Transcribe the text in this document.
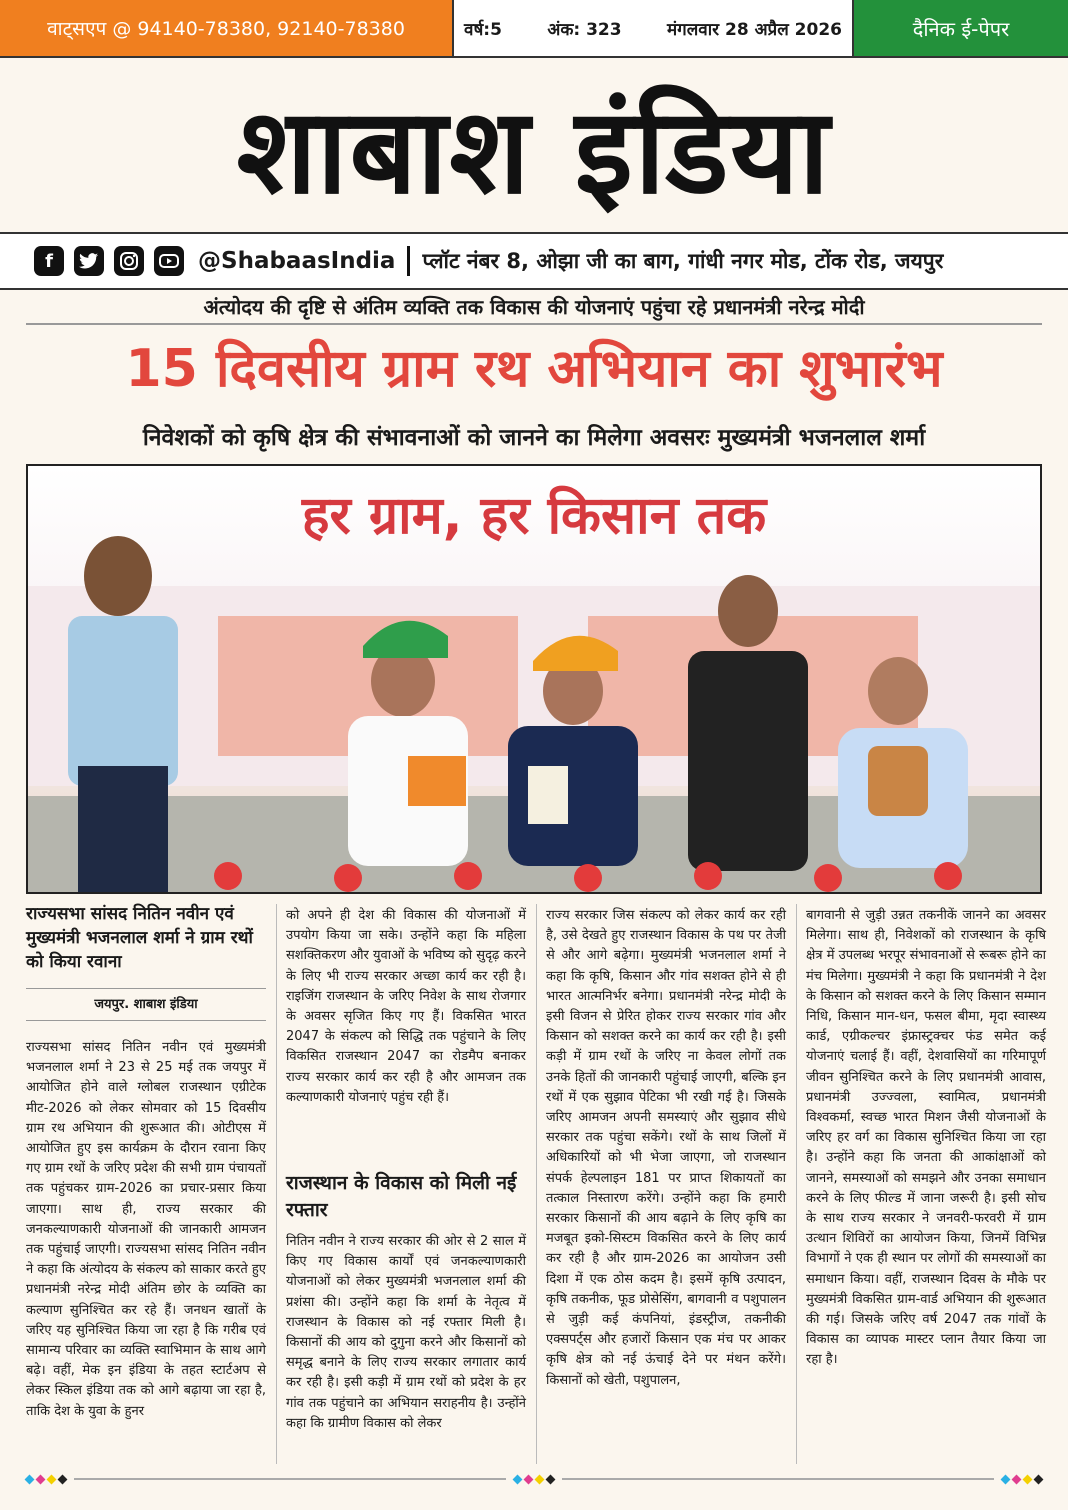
वाट्सएप @ 94140-78380, 92140-78380	वर्ष:5	अंक: 323	मंगलवार 28 अप्रैल 2026	दैनिक ई-पेपर
शाबाश इंडिया
f	@ShabaasIndia प्लॉट नंबर 8, ओझा जी का बाग, गांधी नगर मोड, टोंक रोड, जयपुर
अंत्योदय की दृष्टि से अंतिम व्यक्ति तक विकास की योजनाएं पहुंचा रहे प्रधानमंत्री नरेन्द्र मोदी
15 दिवसीय ग्राम रथ अभियान का शुभारंभ
निवेशकों को कृषि क्षेत्र की संभावनाओं को जानने का मिलेगा अवसरः मुख्यमंत्री भजनलाल शर्मा
हर ग्राम, हर किसान तक
राज्यसभा सांसद नितिन नवीन एवं मुख्यमंत्री भजनलाल शर्मा ने ग्राम रथों को किया रवाना
जयपुर. शाबाश इंडिया
राज्यसभा सांसद नितिन नवीन एवं मुख्यमंत्री भजनलाल शर्मा ने 23 से 25 मई तक जयपुर में आयोजित होने वाले ग्लोबल राजस्थान एग्रीटेक मीट-2026 को लेकर सोमवार को 15 दिवसीय ग्राम रथ अभियान की शुरूआत की। ओटीएस में आयोजित हुए इस कार्यक्रम के दौरान रवाना किए गए ग्राम रथों के जरिए प्रदेश की सभी ग्राम पंचायतों तक पहुंचकर ग्राम-2026 का प्रचार-प्रसार किया जाएगा। साथ ही, राज्य सरकार की जनकल्याणकारी योजनाओं की जानकारी आमजन तक पहुंचाई जाएगी। राज्यसभा सांसद नितिन नवीन ने कहा कि अंत्योदय के संकल्प को साकार करते हुए प्रधानमंत्री नरेन्द्र मोदी अंतिम छोर के व्यक्ति का कल्याण सुनिश्चित कर रहे हैं। जनधन खातों के जरिए यह सुनिश्चित किया जा रहा है कि गरीब एवं सामान्य परिवार का व्यक्ति स्वाभिमान के साथ आगे बढ़े। वहीं, मेक इन इंडिया के तहत स्टार्टअप से लेकर स्किल इंडिया तक को आगे बढ़ाया जा रहा है, ताकि देश के युवा के हुनर
को अपने ही देश की विकास की योजनाओं में उपयोग किया जा सके। उन्होंने कहा कि महिला सशक्तिकरण और युवाओं के भविष्य को सुदृढ़ करने के लिए भी राज्य सरकार अच्छा कार्य कर रही है। राइजिंग राजस्थान के जरिए निवेश के साथ रोजगार के अवसर सृजित किए गए हैं। विकसित भारत 2047 के संकल्प को सिद्धि तक पहुंचाने के लिए विकसित राजस्थान 2047 का रोडमैप बनाकर राज्य सरकार कार्य कर रही है और आमजन तक कल्याणकारी योजनाएं पहुंच रही हैं।
राजस्थान के विकास को मिली नई रफ्तार
नितिन नवीन ने राज्य सरकार की ओर से 2 साल में किए गए विकास कार्यों एवं जनकल्याणकारी योजनाओं को लेकर मुख्यमंत्री भजनलाल शर्मा की प्रशंसा की। उन्होंने कहा कि शर्मा के नेतृत्व में राजस्थान के विकास को नई रफ्तार मिली है। किसानों की आय को दुगुना करने और किसानों को समृद्ध बनाने के लिए राज्य सरकार लगातार कार्य कर रही है। इसी कड़ी में ग्राम रथों को प्रदेश के हर गांव तक पहुंचाने का अभियान सराहनीय है। उन्होंने कहा कि ग्रामीण विकास को लेकर
राज्य सरकार जिस संकल्प को लेकर कार्य कर रही है, उसे देखते हुए राजस्थान विकास के पथ पर तेजी से और आगे बढ़ेगा। मुख्यमंत्री भजनलाल शर्मा ने कहा कि कृषि, किसान और गांव सशक्त होने से ही भारत आत्मनिर्भर बनेगा। प्रधानमंत्री नरेन्द्र मोदी के इसी विजन से प्रेरित होकर राज्य सरकार गांव और किसान को सशक्त करने का कार्य कर रही है। इसी कड़ी में ग्राम रथों के जरिए ना केवल लोगों तक उनके हितों की जानकारी पहुंचाई जाएगी, बल्कि इन रथों में एक सुझाव पेटिका भी रखी गई है। जिसके जरिए आमजन अपनी समस्याएं और सुझाव सीधे सरकार तक पहुंचा सकेंगे। रथों के साथ जिलों में अधिकारियों को भी भेजा जाएगा, जो राजस्थान संपर्क हेल्पलाइन 181 पर प्राप्त शिकायतों का तत्काल निस्तारण करेंगे। उन्होंने कहा कि हमारी सरकार किसानों की आय बढ़ाने के लिए कृषि का मजबूत इको-सिस्टम विकसित करने के लिए कार्य कर रही है और ग्राम-2026 का आयोजन उसी दिशा में एक ठोस कदम है। इसमें कृषि उत्पादन, कृषि तकनीक, फूड प्रोसेसिंग, बागवानी व पशुपालन से जुड़ी कई कंपनियां, इंडस्ट्रीज, तकनीकी एक्सपर्ट्स और हजारों किसान एक मंच पर आकर कृषि क्षेत्र को नई ऊंचाई देने पर मंथन करेंगे। किसानों को खेती, पशुपालन,
बागवानी से जुड़ी उन्नत तकनीकें जानने का अवसर मिलेगा। साथ ही, निवेशकों को राजस्थान के कृषि क्षेत्र में उपलब्ध भरपूर संभावनाओं से रूबरू होने का मंच मिलेगा। मुख्यमंत्री ने कहा कि प्रधानमंत्री ने देश के किसान को सशक्त करने के लिए किसान सम्मान निधि, किसान मान-धन, फसल बीमा, मृदा स्वास्थ्य कार्ड, एग्रीकल्चर इंफ्रास्ट्रक्चर फंड समेत कई योजनाएं चलाई हैं। वहीं, देशवासियों का गरिमापूर्ण जीवन सुनिश्चित करने के लिए प्रधानमंत्री आवास, प्रधानमंत्री उज्ज्वला, स्वामित्व, प्रधानमंत्री विश्वकर्मा, स्वच्छ भारत मिशन जैसी योजनाओं के जरिए हर वर्ग का विकास सुनिश्चित किया जा रहा है। उन्होंने कहा कि जनता की आकांक्षाओं को जानने, समस्याओं को समझने और उनका समाधान करने के लिए फील्ड में जाना जरूरी है। इसी सोच के साथ राज्य सरकार ने जनवरी-फरवरी में ग्राम उत्थान शिविरों का आयोजन किया, जिनमें विभिन्न विभागों ने एक ही स्थान पर लोगों की समस्याओं का समाधान किया। वहीं, राजस्थान दिवस के मौके पर मुख्यमंत्री विकसित ग्राम-वार्ड अभियान की शुरूआत की गई। जिसके जरिए वर्ष 2047 तक गांवों के विकास का व्यापक मास्टर प्लान तैयार किया जा रहा है।
